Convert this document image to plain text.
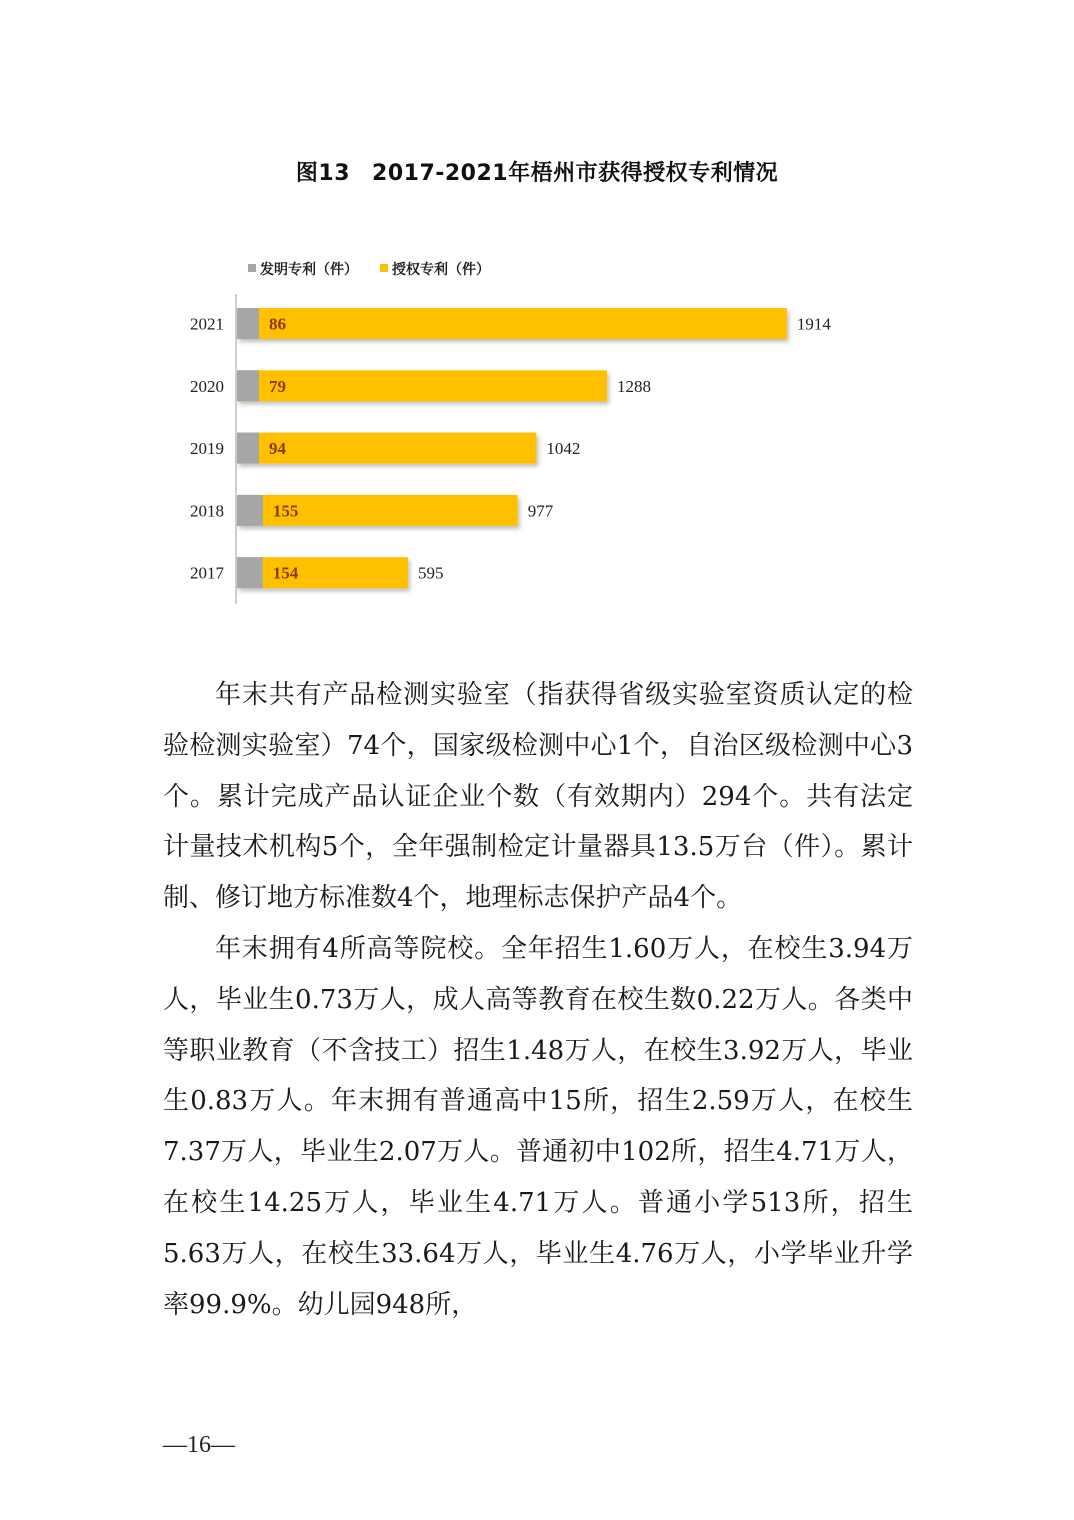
图13 2017-2021年梧州市获得授权专利情况
发明专利（件） 授权专利（件）
2021	86	1914
2020	79	1288
2019	94	1042
2018	155	977
2017	154	595

年末共有产品检测实验室（指获得省级实验室资质认定的检验检测实验室）74个，国家级检测中心1个，自治区级检测中心3个。累计完成产品认证企业个数（有效期内）294个。共有法定计量技术机构5个，全年强制检定计量器具13.5万台（件）。累计制、修订地方标准数4个，地理标志保护产品4个。

年末拥有4所高等院校。全年招生1.60万人，在校生3.94万人，毕业生0.73万人，成人高等教育在校生数0.22万人。各类中等职业教育（不含技工）招生1.48万人，在校生3.92万人，毕业生0.83万人。年末拥有普通高中15所，招生2.59万人，在校生7.37万人，毕业生2.07万人。普通初中102所，招生4.71万人，在校生14.25万人，毕业生4.71万人。普通小学513所，招生5.63万人，在校生33.64万人，毕业生4.76万人，小学毕业升学率99.9%。幼儿园948所，

—16—
